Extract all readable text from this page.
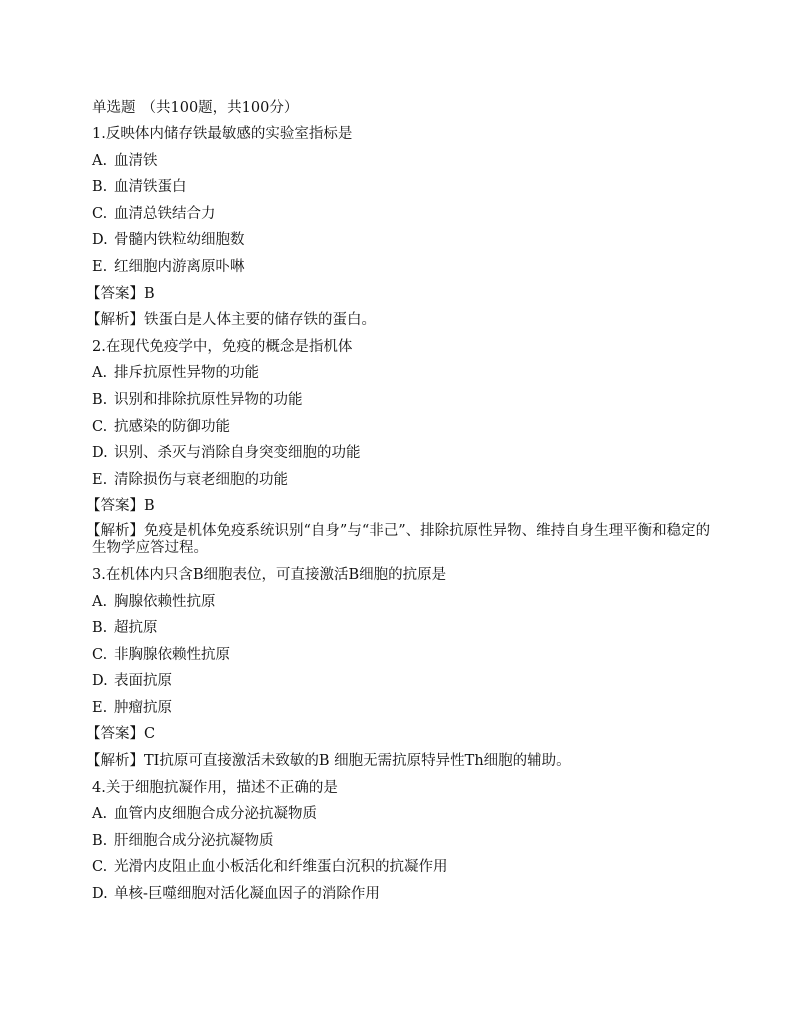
单选题 （共100题，共100分）
1.反映体内储存铁最敏感的实验室指标是
A. 血清铁
B. 血清铁蛋白
C. 血清总铁结合力
D. 骨髓内铁粒幼细胞数
E. 红细胞内游离原卟啉
【答案】B
【解析】铁蛋白是人体主要的储存铁的蛋白。
2.在现代免疫学中，免疫的概念是指机体
A. 排斥抗原性异物的功能
B. 识别和排除抗原性异物的功能
C. 抗感染的防御功能
D. 识别、杀灭与消除自身突变细胞的功能
E. 清除损伤与衰老细胞的功能
【答案】B
【解析】免疫是机体免疫系统识别“自身”与“非己”、排除抗原性异物、维持自身生理平衡和稳定的生物学应答过程。
3.在机体内只含B细胞表位，可直接激活B细胞的抗原是
A. 胸腺依赖性抗原
B. 超抗原
C. 非胸腺依赖性抗原
D. 表面抗原
E. 肿瘤抗原
【答案】C
【解析】TI抗原可直接激活未致敏的B 细胞无需抗原特异性Th细胞的辅助。
4.关于细胞抗凝作用，描述不正确的是
A. 血管内皮细胞合成分泌抗凝物质
B. 肝细胞合成分泌抗凝物质
C. 光滑内皮阻止血小板活化和纤维蛋白沉积的抗凝作用
D. 单核-巨噬细胞对活化凝血因子的消除作用
